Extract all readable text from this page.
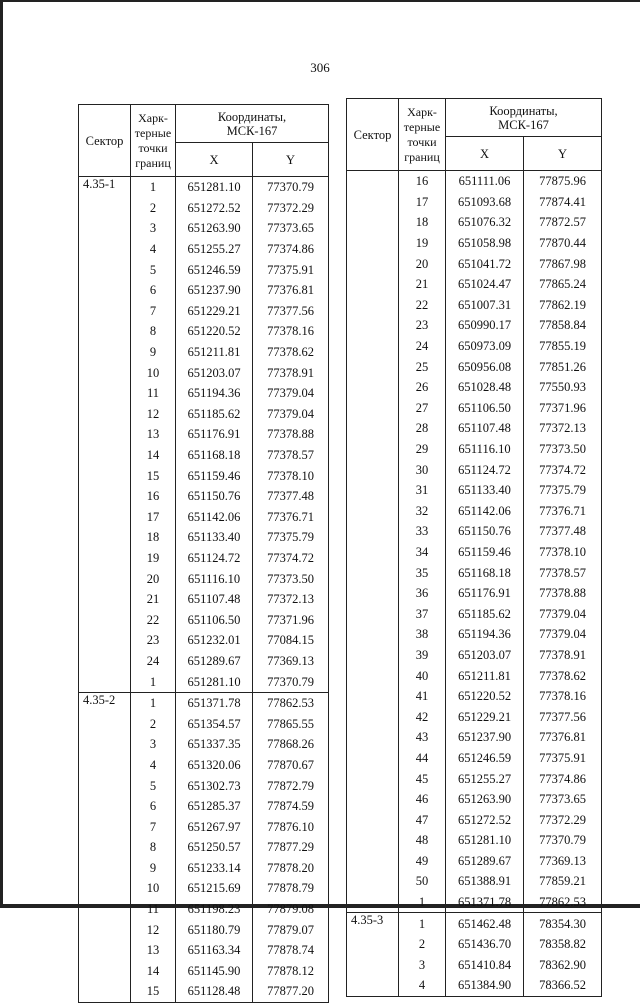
306
Сектор	Харк-
терные
точки
границ	Координаты,
МСК-167	
		X	Y
4.35-1	1	651281.10	77370.79
	2	651272.52	77372.29
	3	651263.90	77373.65
	4	651255.27	77374.86
	5	651246.59	77375.91
	6	651237.90	77376.81
	7	651229.21	77377.56
	8	651220.52	77378.16
	9	651211.81	77378.62
	10	651203.07	77378.91
	11	651194.36	77379.04
	12	651185.62	77379.04
	13	651176.91	77378.88
	14	651168.18	77378.57
	15	651159.46	77378.10
	16	651150.76	77377.48
	17	651142.06	77376.71
	18	651133.40	77375.79
	19	651124.72	77374.72
	20	651116.10	77373.50
	21	651107.48	77372.13
	22	651106.50	77371.96
	23	651232.01	77084.15
	24	651289.67	77369.13
	1	651281.10	77370.79
4.35-2	1	651371.78	77862.53
	2	651354.57	77865.55
	3	651337.35	77868.26
	4	651320.06	77870.67
	5	651302.73	77872.79
	6	651285.37	77874.59
	7	651267.97	77876.10
	8	651250.57	77877.29
	9	651233.14	77878.20
	10	651215.69	77878.79
	11	651198.23	77879.08
	12	651180.79	77879.07
	13	651163.34	77878.74
	14	651145.90	77878.12
	15	651128.48	77877.20
Сектор	Харк-
терные
точки
границ	Координаты,
МСК-167	
		X	Y
	16	651111.06	77875.96
	17	651093.68	77874.41
	18	651076.32	77872.57
	19	651058.98	77870.44
	20	651041.72	77867.98
	21	651024.47	77865.24
	22	651007.31	77862.19
	23	650990.17	77858.84
	24	650973.09	77855.19
	25	650956.08	77851.26
	26	651028.48	77550.93
	27	651106.50	77371.96
	28	651107.48	77372.13
	29	651116.10	77373.50
	30	651124.72	77374.72
	31	651133.40	77375.79
	32	651142.06	77376.71
	33	651150.76	77377.48
	34	651159.46	77378.10
	35	651168.18	77378.57
	36	651176.91	77378.88
	37	651185.62	77379.04
	38	651194.36	77379.04
	39	651203.07	77378.91
	40	651211.81	77378.62
	41	651220.52	77378.16
	42	651229.21	77377.56
	43	651237.90	77376.81
	44	651246.59	77375.91
	45	651255.27	77374.86
	46	651263.90	77373.65
	47	651272.52	77372.29
	48	651281.10	77370.79
	49	651289.67	77369.13
	50	651388.91	77859.21
	1	651371.78	77862.53
4.35-3	1	651462.48	78354.30
	2	651436.70	78358.82
	3	651410.84	78362.90
	4	651384.90	78366.52
